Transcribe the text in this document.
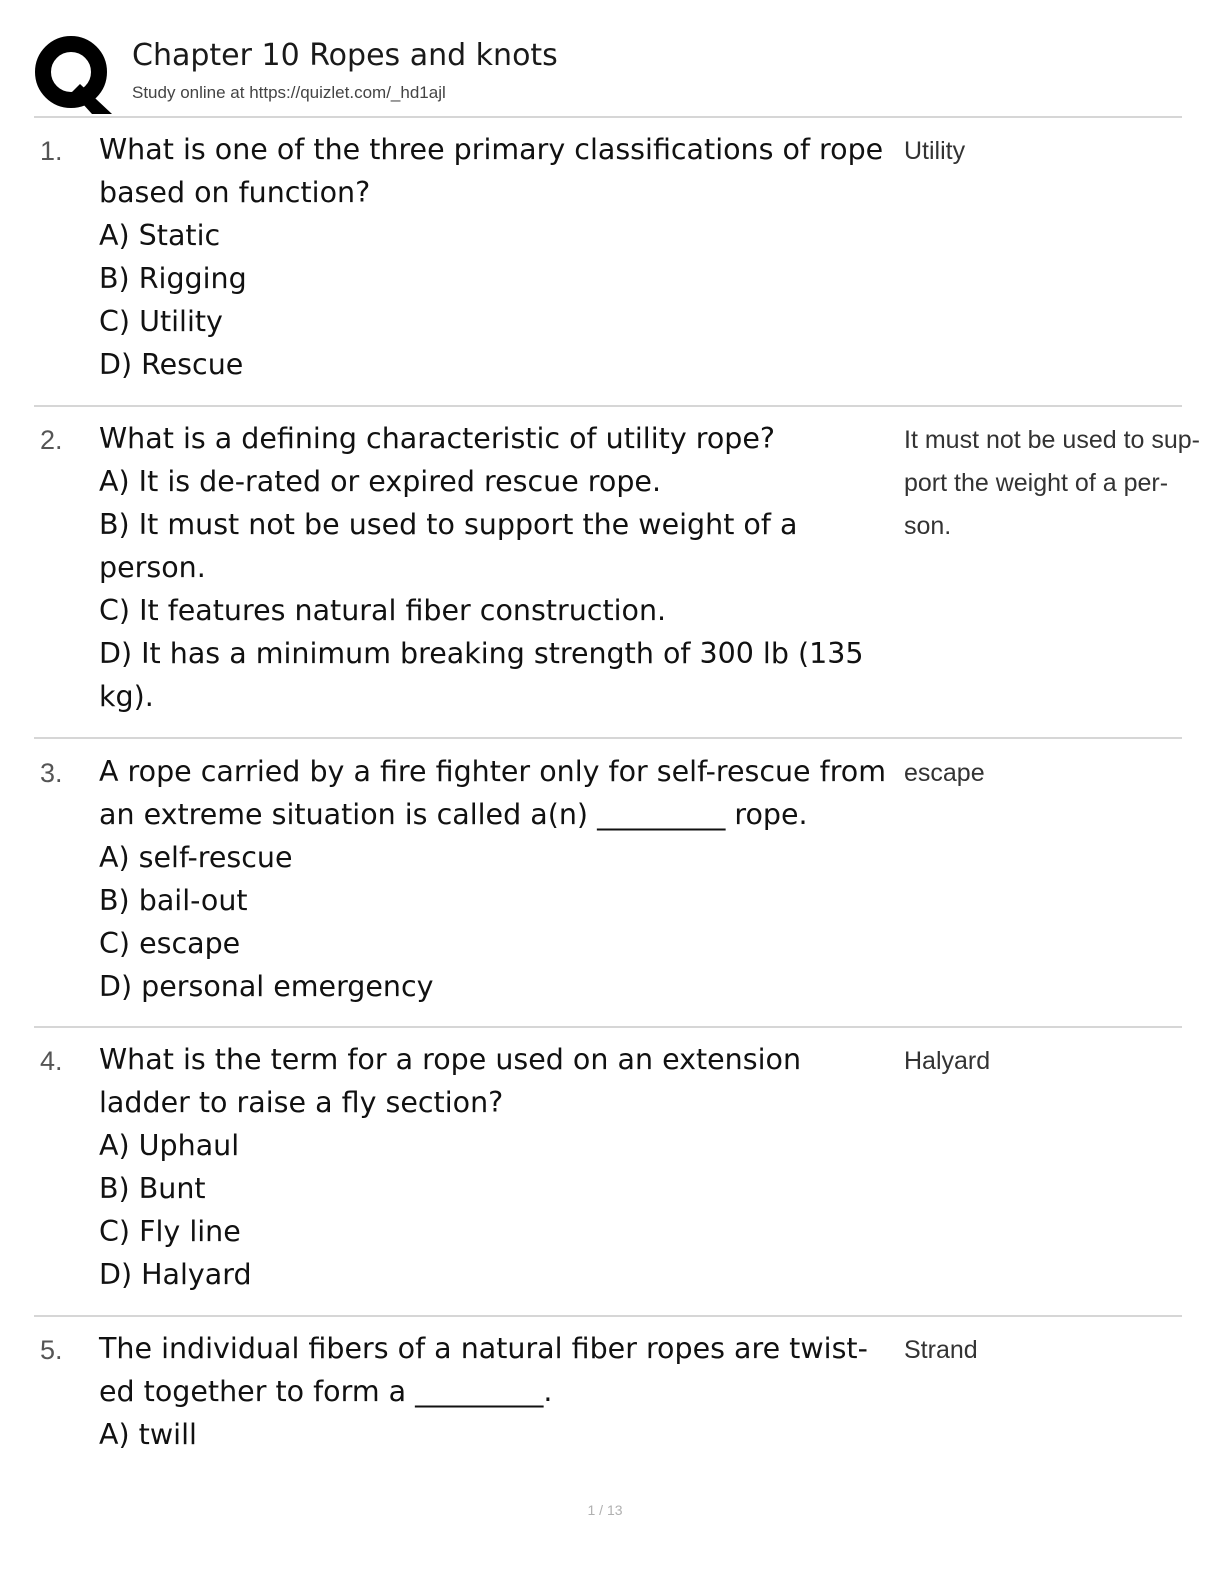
Chapter 10 Ropes and knots
Study online at https://quizlet.com/_hd1ajl
1. What is one of the three primary classifications of rope
based on function?
A) Static
B) Rigging
C) Utility
D) Rescue
Utility
2. What is a defining characteristic of utility rope?
A) It is de-rated or expired rescue rope.
B) It must not be used to support the weight of a
person.
C) It features natural fiber construction.
D) It has a minimum breaking strength of 300 lb (135
kg).
It must not be used to sup-
port the weight of a per-
son.
3. A rope carried by a fire fighter only for self-rescue from
an extreme situation is called a(n) _________ rope.
A) self-rescue
B) bail-out
C) escape
D) personal emergency
escape
4. What is the term for a rope used on an extension
ladder to raise a fly section?
A) Uphaul
B) Bunt
C) Fly line
D) Halyard
Halyard
5. The individual fibers of a natural fiber ropes are twist-
ed together to form a _________.
A) twill
Strand
1 / 13
